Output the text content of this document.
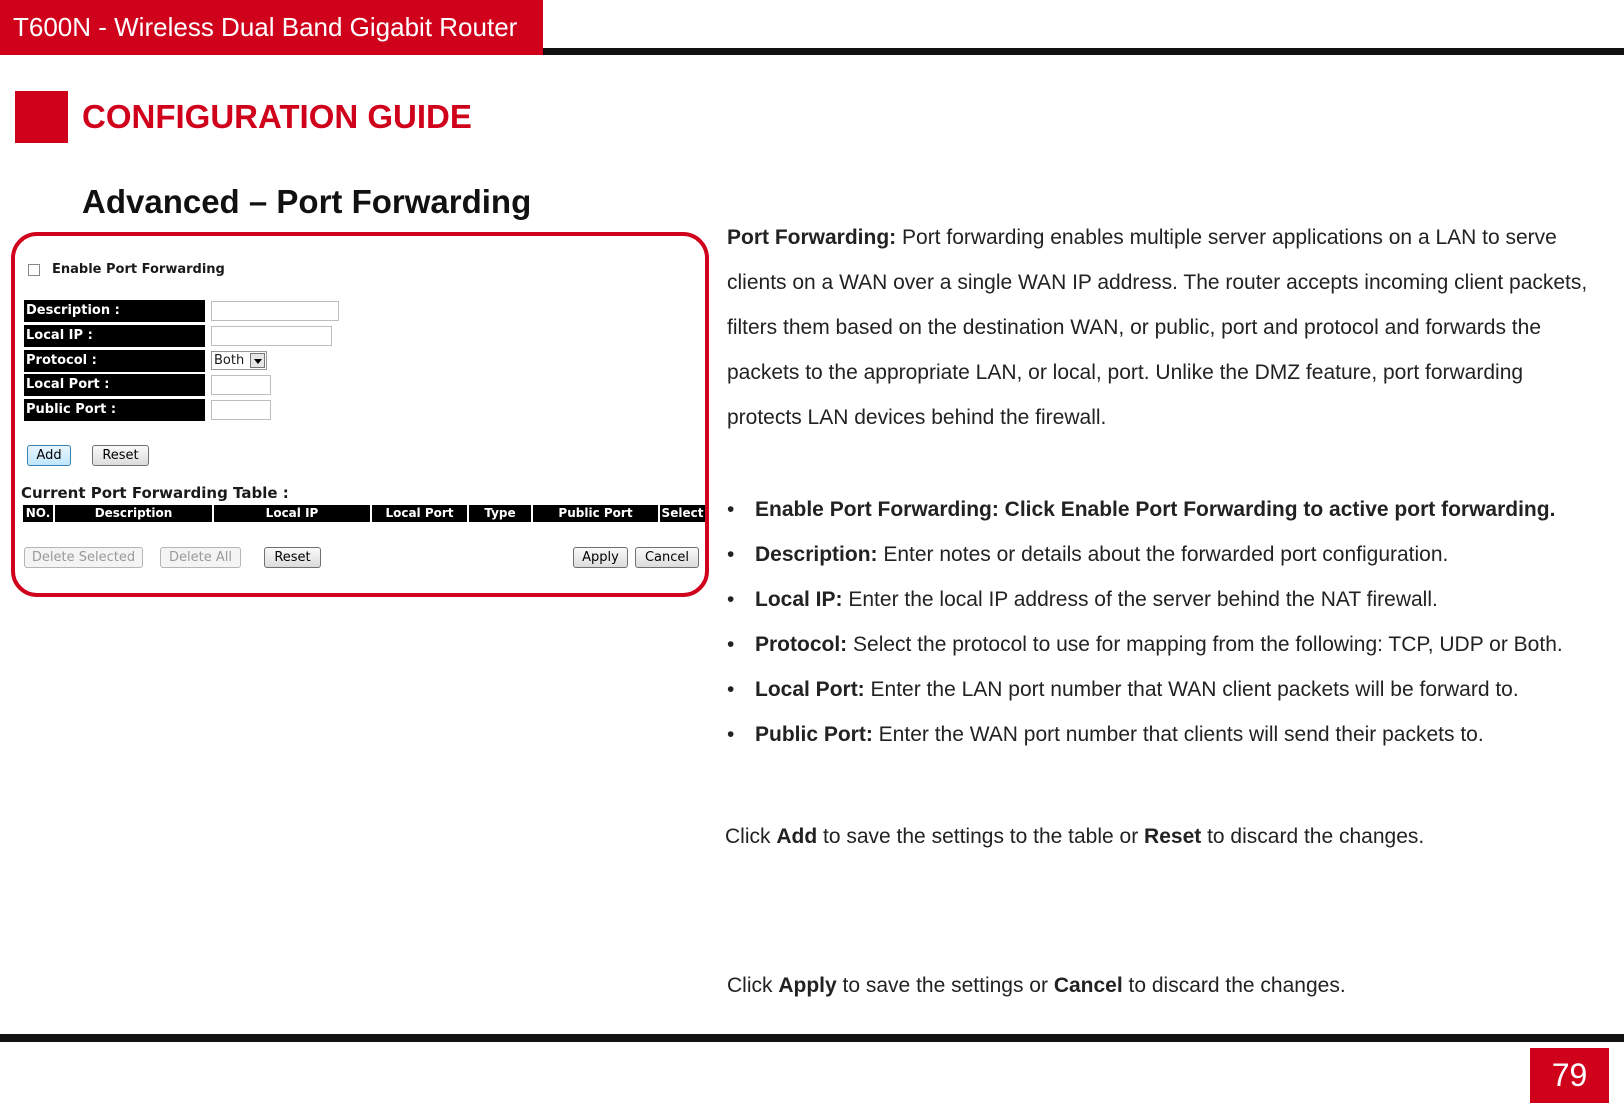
T600N - Wireless Dual Band Gigabit Router
CONFIGURATION GUIDE
Advanced – Port Forwarding
Enable Port Forwarding
Description :
Local IP :
Protocol :	Both
Local Port :
Public Port :
Add	Reset
Current Port Forwarding Table :
NO.	Description	Local IP	Local Port	Type	Public Port	Select
Delete Selected	Delete All	Reset	Apply	Cancel
Port Forwarding: Port forwarding enables multiple server applications on a LAN to serve clients on a WAN over a single WAN IP address. The router accepts incoming client packets, filters them based on the destination WAN, or public, port and protocol and forwards the packets to the appropriate LAN, or local, port. Unlike the DMZ feature, port forwarding protects LAN devices behind the firewall.
• Enable Port Forwarding: Click Enable Port Forwarding to active port forwarding.
• Description: Enter notes or details about the forwarded port configuration.
• Local IP: Enter the local IP address of the server behind the NAT firewall.
• Protocol: Select the protocol to use for mapping from the following: TCP, UDP or Both.
• Local Port: Enter the LAN port number that WAN client packets will be forward to.
• Public Port: Enter the WAN port number that clients will send their packets to.
Click Add to save the settings to the table or Reset to discard the changes.
Click Apply to save the settings or Cancel to discard the changes.
79
